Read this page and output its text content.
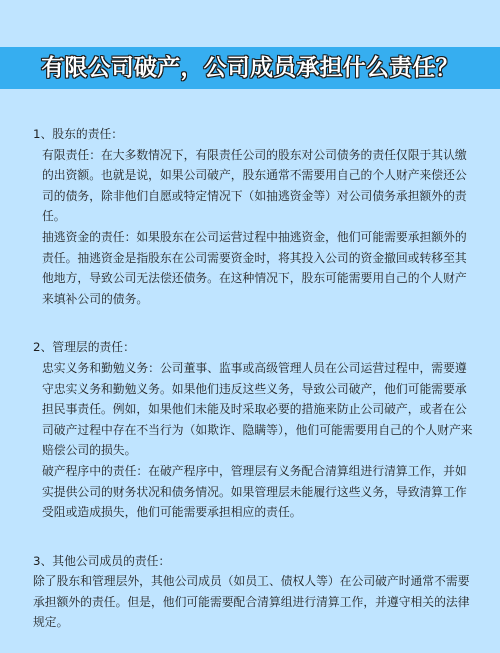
有限公司破产，公司成员承担什么责任？
1、股东的责任：

有限责任：在大多数情况下，有限责任公司的股东对公司债务的责任仅限于其认缴的出资额。也就是说，如果公司破产，股东通常不需要用自己的个人财产来偿还公司的债务，除非他们自愿或特定情况下（如抽逃资金等）对公司债务承担额外的责任。

抽逃资金的责任：如果股东在公司运营过程中抽逃资金，他们可能需要承担额外的责任。抽逃资金是指股东在公司需要资金时，将其投入公司的资金撤回或转移至其他地方，导致公司无法偿还债务。在这种情况下，股东可能需要用自己的个人财产来填补公司的债务。

2、管理层的责任：

忠实义务和勤勉义务：公司董事、监事或高级管理人员在公司运营过程中，需要遵守忠实义务和勤勉义务。如果他们违反这些义务，导致公司破产，他们可能需要承担民事责任。例如，如果他们未能及时采取必要的措施来防止公司破产，或者在公司破产过程中存在不当行为（如欺诈、隐瞒等），他们可能需要用自己的个人财产来赔偿公司的损失。

破产程序中的责任：在破产程序中，管理层有义务配合清算组进行清算工作，并如实提供公司的财务状况和债务情况。如果管理层未能履行这些义务，导致清算工作受阻或造成损失，他们可能需要承担相应的责任。

3、其他公司成员的责任：

除了股东和管理层外，其他公司成员（如员工、债权人等）在公司破产时通常不需要承担额外的责任。但是，他们可能需要配合清算组进行清算工作，并遵守相关的法律规定。
